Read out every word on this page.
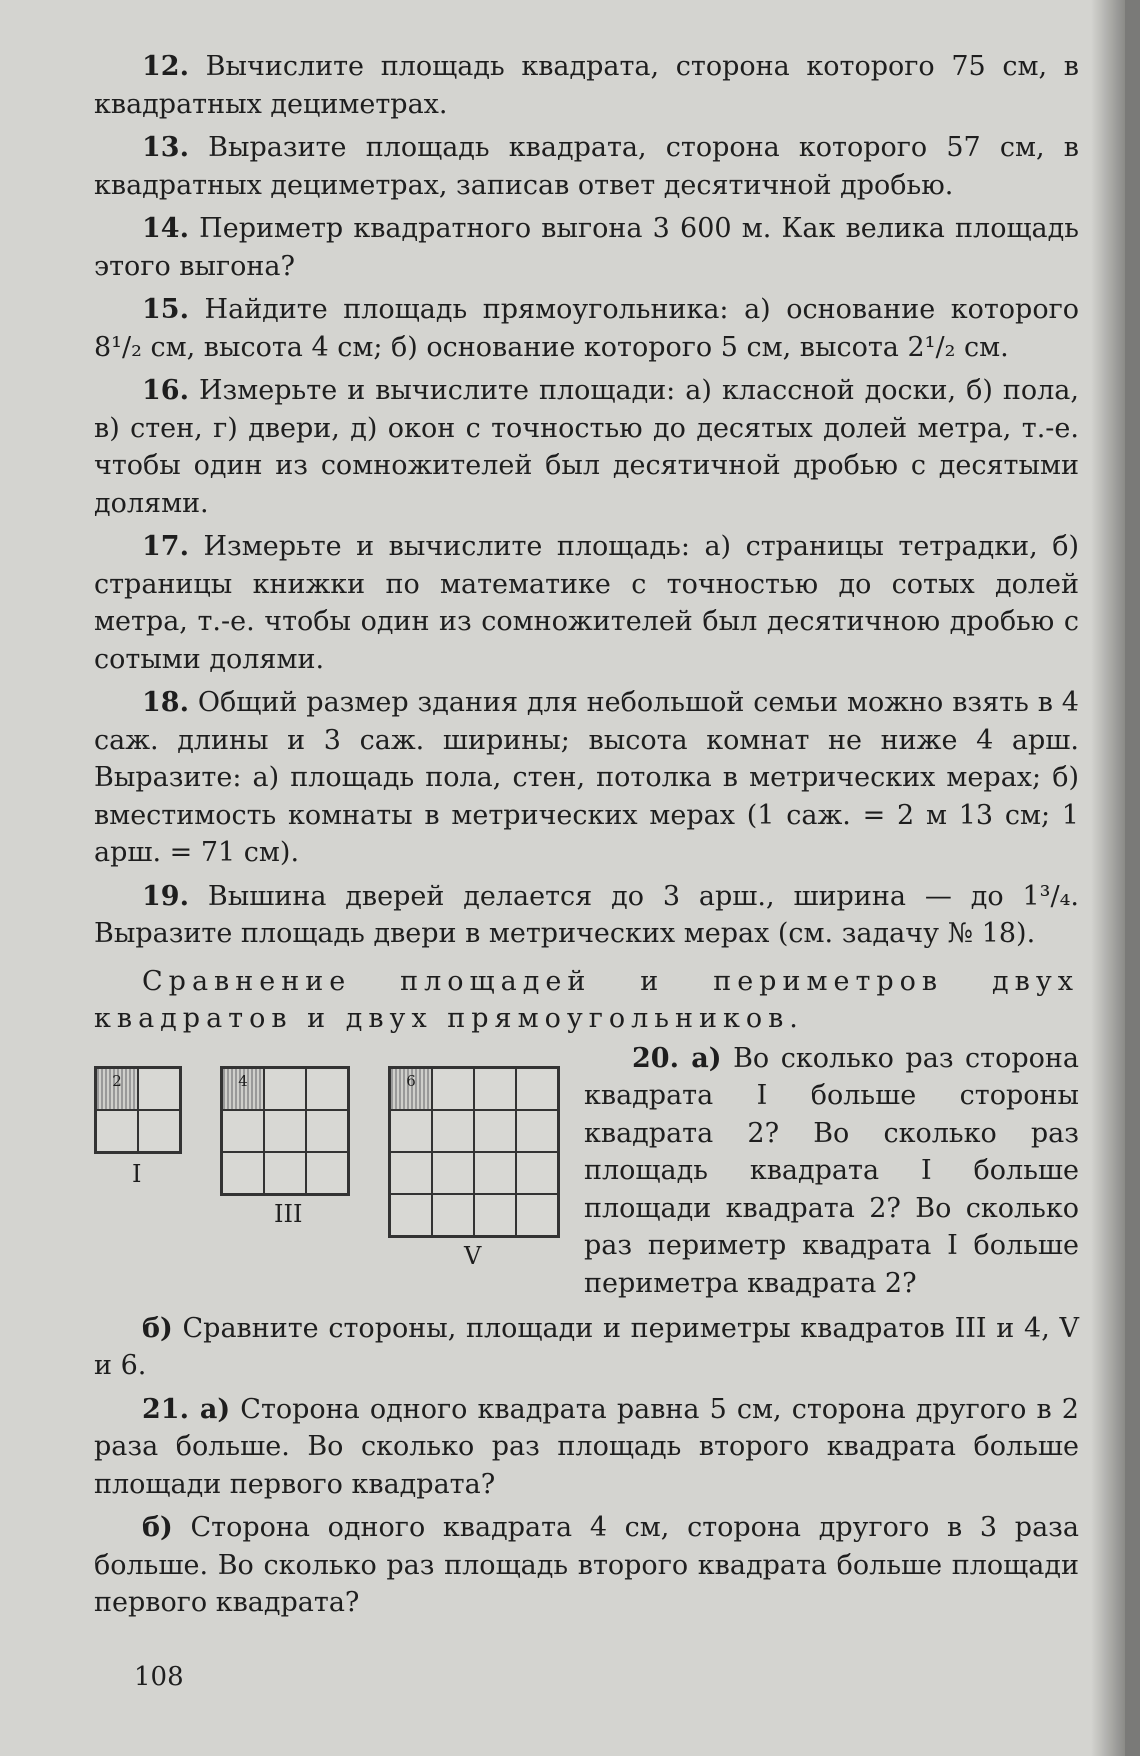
12. Вычислите площадь квадрата, сторона которого 75 см, в квадратных дециметрах.

13. Выразите площадь квадрата, сторона которого 57 см, в квадратных дециметрах, записав ответ десятичной дробью.

14. Периметр квадратного выгона 3 600 м. Как велика площадь этого выгона?

15. Найдите площадь прямоугольника: а) основание которого 8¹/₂ см, высота 4 см; б) основание которого 5 см, высота 2¹/₂ см.

16. Измерьте и вычислите площади: а) классной доски, б) пола, в) стен, г) двери, д) окон с точностью до десятых долей метра, т.-е. чтобы один из сомножителей был десятичной дробью с десятыми долями.

17. Измерьте и вычислите площадь: а) страницы тетрадки, б) страницы книжки по математике с точностью до сотых долей метра, т.-е. чтобы один из сомножителей был десятичною дробью с сотыми долями.

18. Общий размер здания для небольшой семьи можно взять в 4 саж. длины и 3 саж. ширины; высота комнат не ниже 4 арш. Выразите: а) площадь пола, стен, потолка в метрических мерах; б) вместимость комнаты в метрических мерах (1 саж. = 2 м 13 см; 1 арш. = 71 см).

19. Вышина дверей делается до 3 арш., ширина — до 1³/₄. Выразите площадь двери в метрических мерах (см. задачу № 18).

Сравнение площадей и периметров двух квадратов и двух прямоугольников.

2
I
4
III
6
V
20. а) Во сколько раз сторона квадрата I больше стороны квадрата 2? Во сколько раз площадь квадрата I больше площади квадрата 2? Во сколько раз периметр квадрата I больше периметра квадрата 2?

б) Сравните стороны, площади и периметры квадратов III и 4, V и 6.

21. а) Сторона одного квадрата равна 5 см, сторона другого в 2 раза больше. Во сколько раз площадь второго квадрата больше площади первого квадрата?

б) Сторона одного квадрата 4 см, сторона другого в 3 раза больше. Во сколько раз площадь второго квадрата больше площади первого квадрата?

108
